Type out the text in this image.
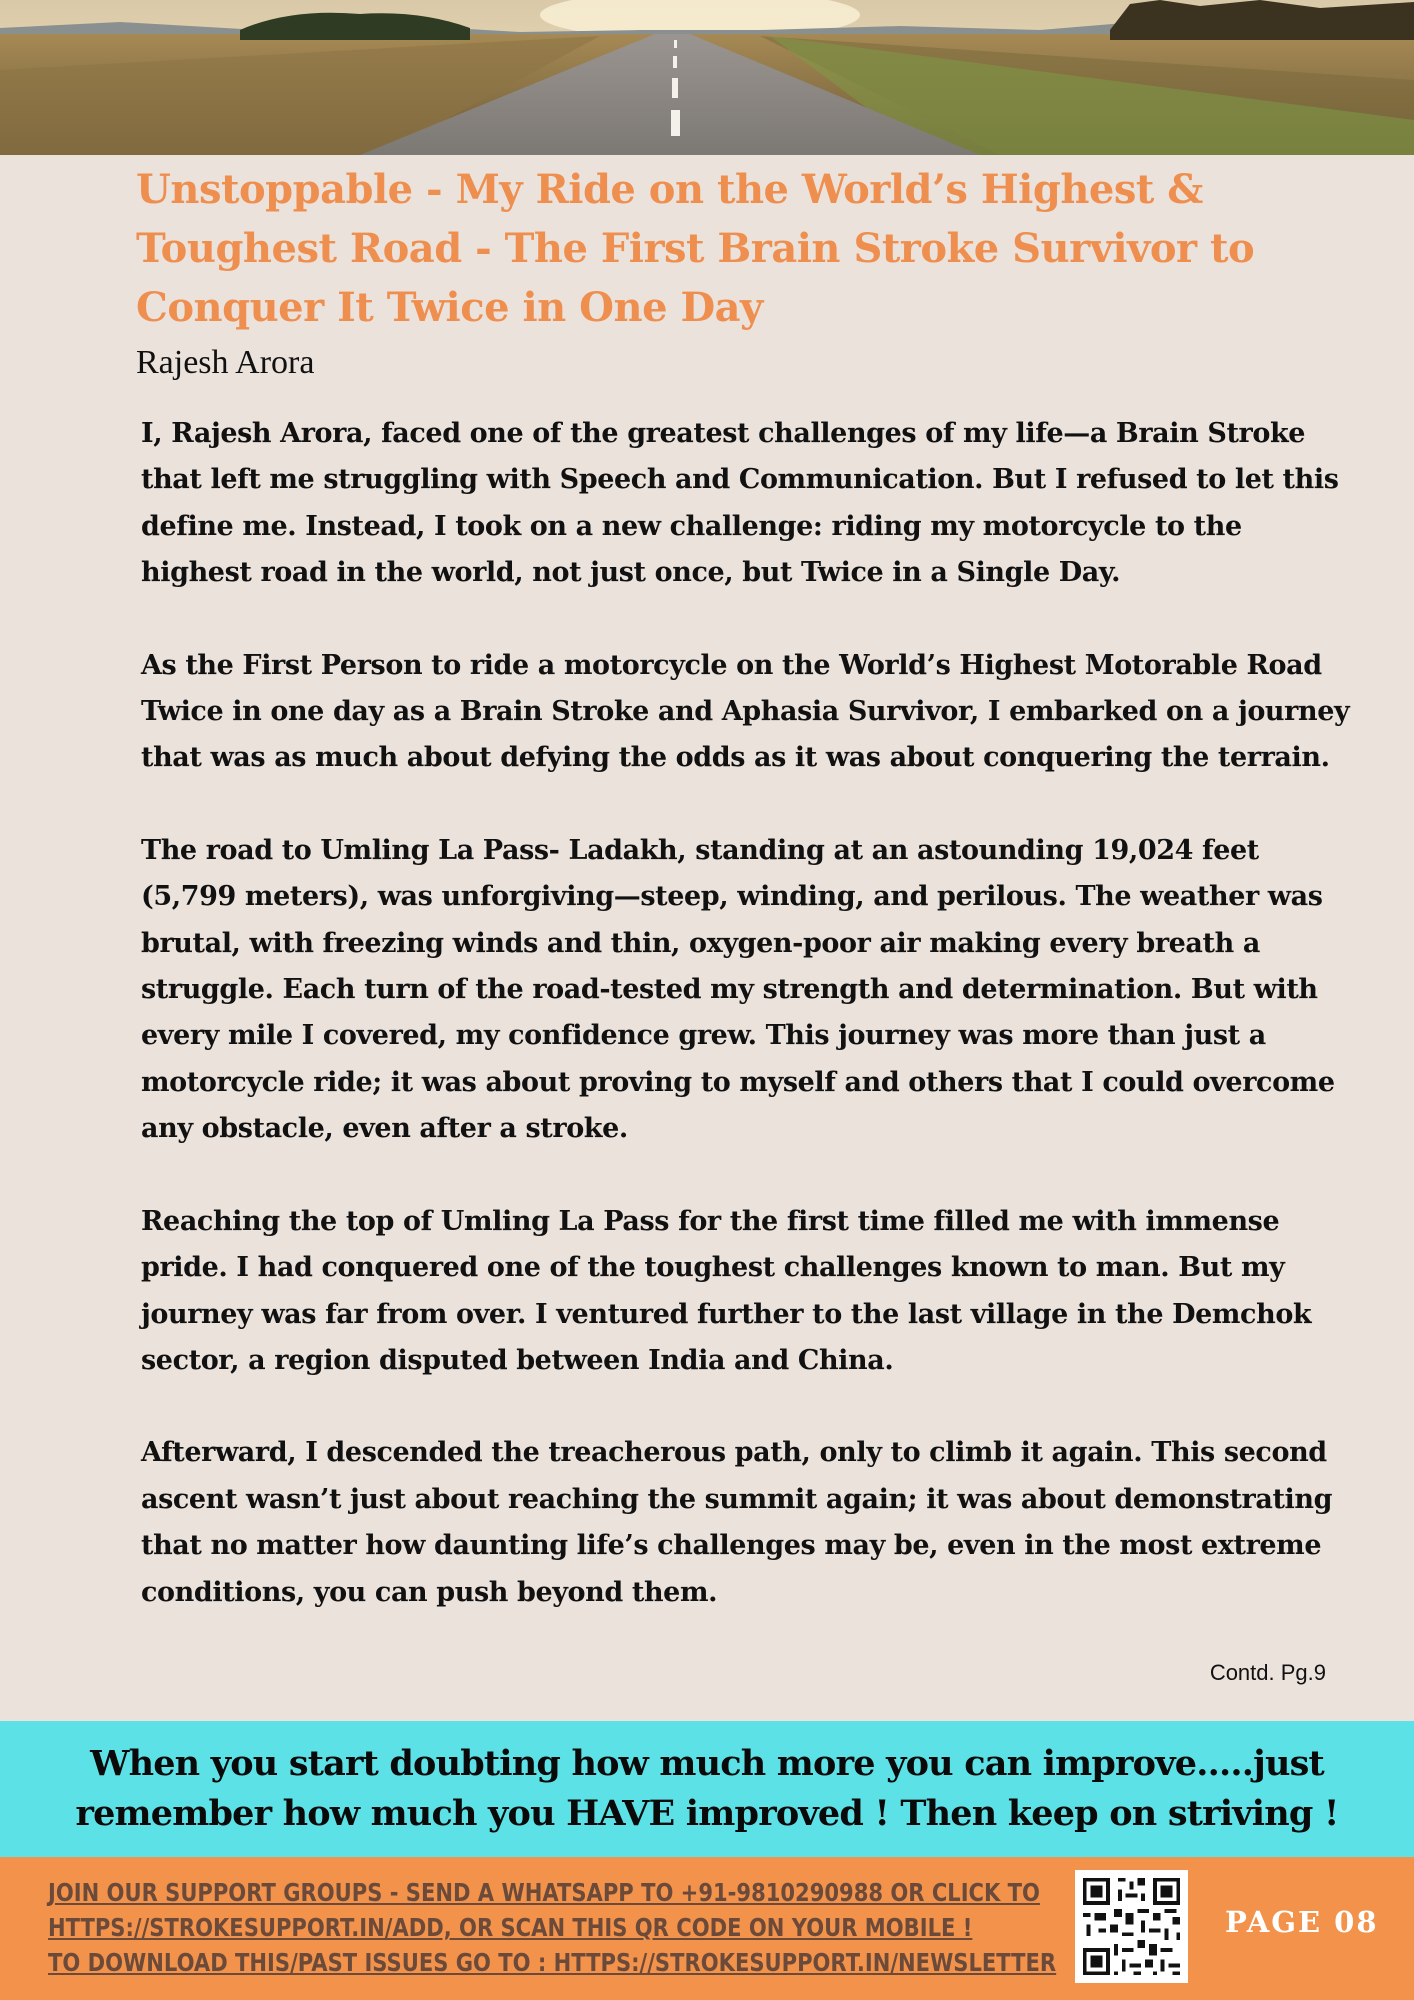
Unstoppable - My Ride on the World’s Highest & Toughest Road - The First Brain Stroke Survivor to Conquer It Twice in One Day

Rajesh Arora

I, Rajesh Arora, faced one of the greatest challenges of my life—a Brain Stroke that left me struggling with Speech and Communication. But I refused to let this define me. Instead, I took on a new challenge: riding my motorcycle to the highest road in the world, not just once, but Twice in a Single Day.

As the First Person to ride a motorcycle on the World’s Highest Motorable Road Twice in one day as a Brain Stroke and Aphasia Survivor, I embarked on a journey that was as much about defying the odds as it was about conquering the terrain.

The road to Umling La Pass- Ladakh, standing at an astounding 19,024 feet (5,799 meters), was unforgiving—steep, winding, and perilous. The weather was brutal, with freezing winds and thin, oxygen-poor air making every breath a struggle. Each turn of the road-tested my strength and determination. But with every mile I covered, my confidence grew. This journey was more than just a motorcycle ride; it was about proving to myself and others that I could overcome any obstacle, even after a stroke.

Reaching the top of Umling La Pass for the first time filled me with immense pride. I had conquered one of the toughest challenges known to man. But my journey was far from over. I ventured further to the last village in the Demchok sector, a region disputed between India and China.

Afterward, I descended the treacherous path, only to climb it again. This second ascent wasn’t just about reaching the summit again; it was about demonstrating that no matter how daunting life’s challenges may be, even in the most extreme conditions, you can push beyond them.

Contd. Pg.9

When you start doubting how much more you can improve.....just
remember how much you HAVE improved ! Then keep on striving !

JOIN OUR SUPPORT GROUPS - SEND A WHATSAPP TO +91-9810290988 OR CLICK TO
HTTPS://STROKESUPPORT.IN/ADD, OR SCAN THIS QR CODE ON YOUR MOBILE !
TO DOWNLOAD THIS/PAST ISSUES GO TO : HTTPS://STROKESUPPORT.IN/NEWSLETTER
PAGE 08
